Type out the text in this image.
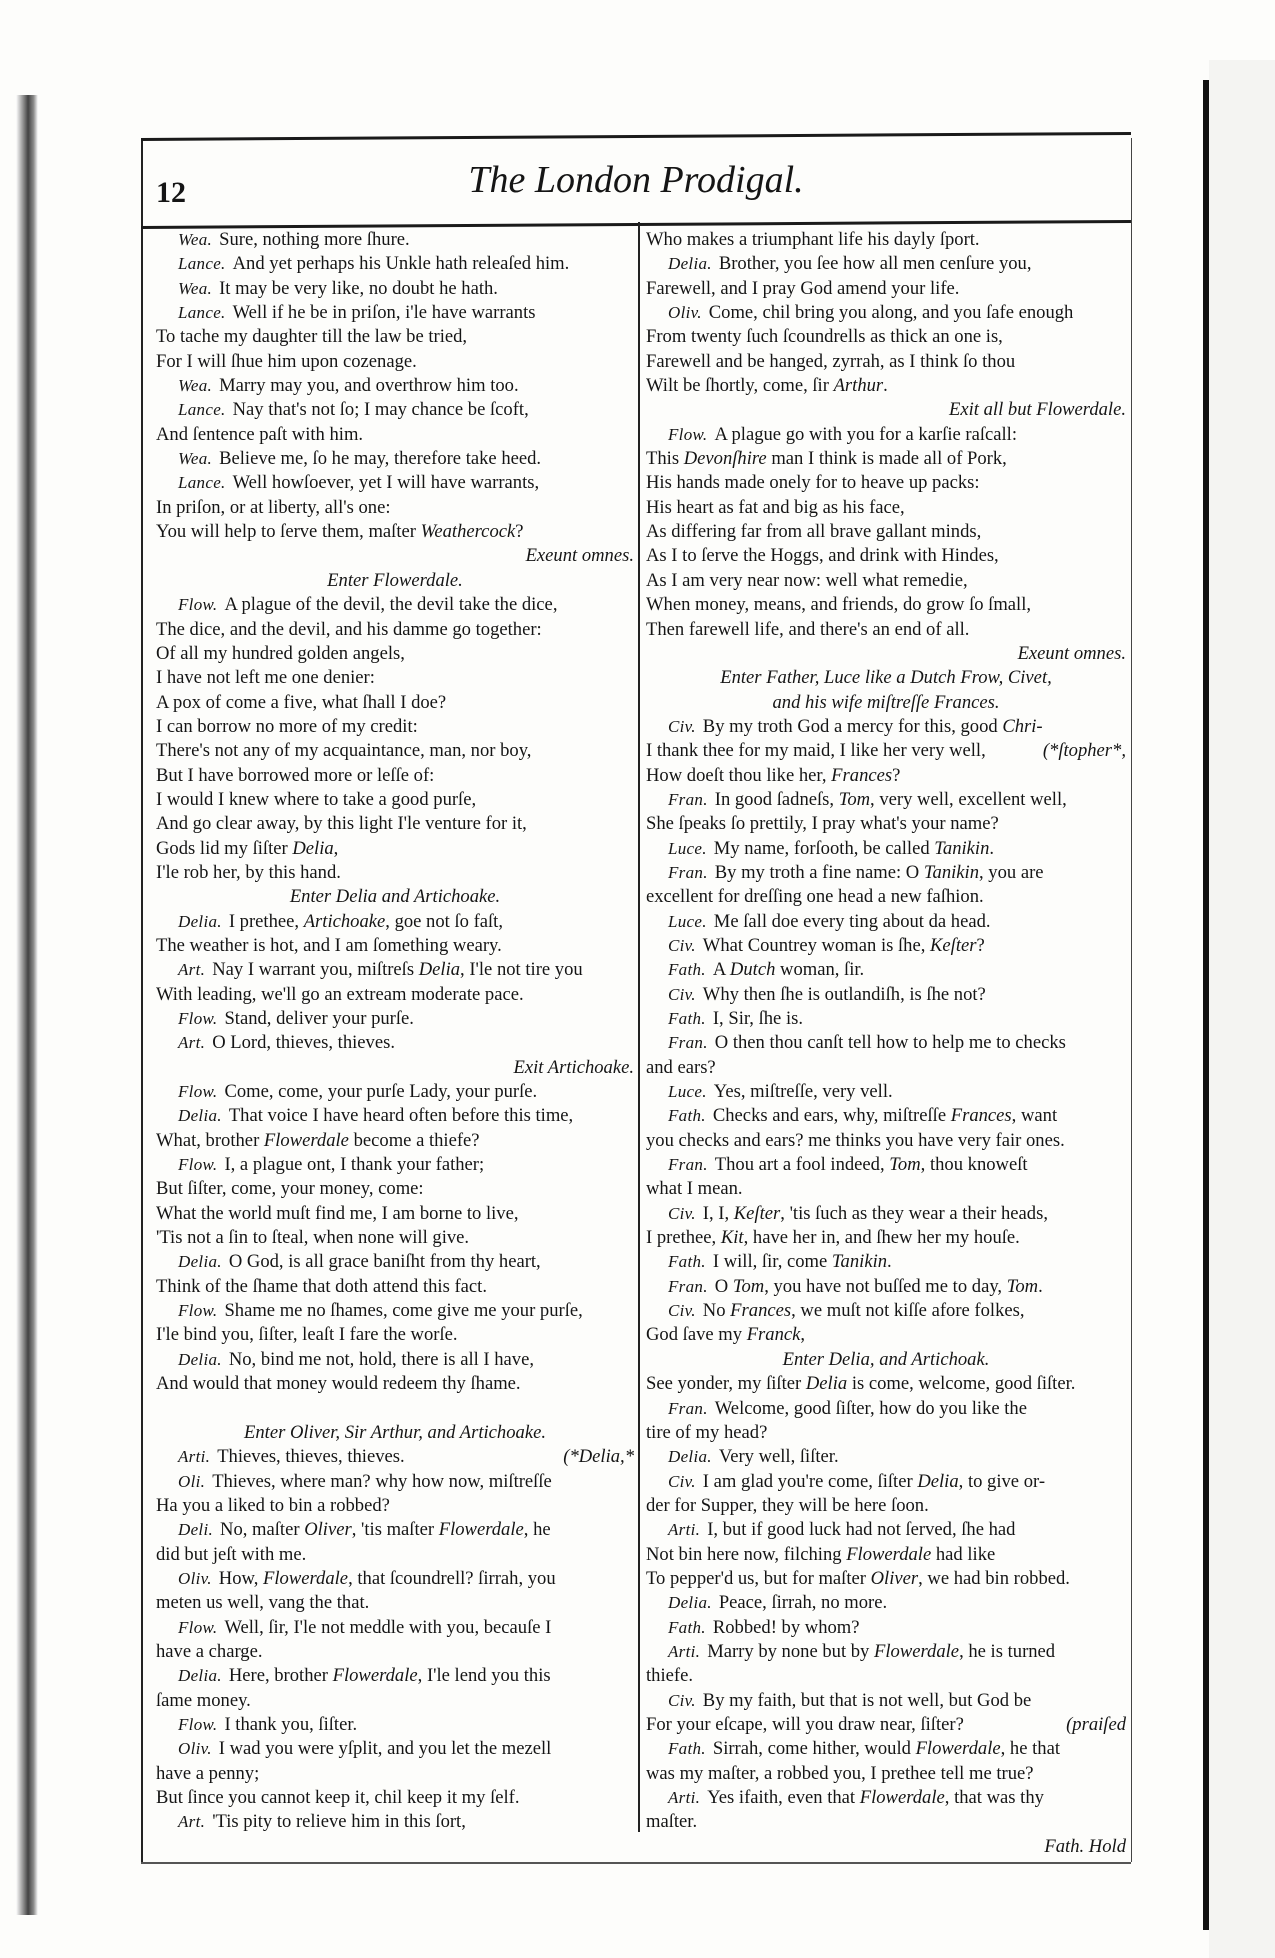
12	The London Prodigal.
Wea. Sure, nothing more ſhure.
Lance. And yet perhaps his Unkle hath releaſed him.
Wea. It may be very like, no doubt he hath.
Lance. Well if he be in priſon, i'le have warrants
To tache my daughter till the law be tried,
For I will ſhue him upon cozenage.
Wea. Marry may you, and overthrow him too.
Lance. Nay that's not ſo; I may chance be ſcoft,
And ſentence paſt with him.
Wea. Believe me, ſo he may, therefore take heed.
Lance. Well howſoever, yet I will have warrants,
In priſon, or at liberty, all's one:
You will help to ſerve them, maſter Weathercock?
Exeunt omnes.
Enter Flowerdale.
Flow. A plague of the devil, the devil take the dice,
The dice, and the devil, and his damme go together:
Of all my hundred golden angels,
I have not left me one denier:
A pox of come a five, what ſhall I doe?
I can borrow no more of my credit:
There's not any of my acquaintance, man, nor boy,
But I have borrowed more or leſſe of:
I would I knew where to take a good purſe,
And go clear away, by this light I'le venture for it,
Gods lid my ſiſter Delia,
I'le rob her, by this hand.
Enter Delia and Artichoake.
Delia. I prethee, Artichoake, goe not ſo faſt,
The weather is hot, and I am ſomething weary.
Art. Nay I warrant you, miſtreſs Delia, I'le not tire you
With leading, we'll go an extream moderate pace.
Flow. Stand, deliver your purſe.
Art. O Lord, thieves, thieves.
Exit Artichoake.
Flow. Come, come, your purſe Lady, your purſe.
Delia. That voice I have heard often before this time,
What, brother Flowerdale become a thiefe?
Flow. I, a plague ont, I thank your father;
But ſiſter, come, your money, come:
What the world muſt find me, I am borne to live,
'Tis not a ſin to ſteal, when none will give.
Delia. O God, is all grace baniſht from thy heart,
Think of the ſhame that doth attend this fact.
Flow. Shame me no ſhames, come give me your purſe,
I'le bind you, ſiſter, leaſt I fare the worſe.
Delia. No, bind me not, hold, there is all I have,
And would that money would redeem thy ſhame.
Enter Oliver, Sir Arthur, and Artichoake.
Arti. Thieves, thieves, thieves.	(*Delia,*
Oli. Thieves, where man? why how now, miſtreſſe
Ha you a liked to bin a robbed?
Deli. No, maſter Oliver, 'tis maſter Flowerdale, he
did but jeſt with me.
Oliv. How, Flowerdale, that ſcoundrell? ſirrah, you
meten us well, vang the that.
Flow. Well, ſir, I'le not meddle with you, becauſe I
have a charge.
Delia. Here, brother Flowerdale, I'le lend you this
ſame money.
Flow. I thank you, ſiſter.
Oliv. I wad you were yſplit, and you let the mezell
have a penny;
But ſince you cannot keep it, chil keep it my ſelf.
Art. 'Tis pity to relieve him in this ſort,
Who makes a triumphant life his dayly ſport.
Delia. Brother, you ſee how all men cenſure you,
Farewell, and I pray God amend your life.
Oliv. Come, chil bring you along, and you ſafe enough
From twenty ſuch ſcoundrells as thick an one is,
Farewell and be hanged, zyrrah, as I think ſo thou
Wilt be ſhortly, come, ſir Arthur.
Exit all but Flowerdale.
Flow. A plague go with you for a karſie raſcall:
This Devonſhire man I think is made all of Pork,
His hands made onely for to heave up packs:
His heart as fat and big as his face,
As differing far from all brave gallant minds,
As I to ſerve the Hoggs, and drink with Hindes,
As I am very near now: well what remedie,
When money, means, and friends, do grow ſo ſmall,
Then farewell life, and there's an end of all.
Exeunt omnes.
Enter Father, Luce like a Dutch Frow, Civet,
and his wife miſtreſſe Frances.
Civ. By my troth God a mercy for this, good Chri-
I thank thee for my maid, I like her very well,	(*ſtopher*,
How doeſt thou like her, Frances?
Fran. In good ſadneſs, Tom, very well, excellent well,
She ſpeaks ſo prettily, I pray what's your name?
Luce. My name, forſooth, be called Tanikin.
Fran. By my troth a fine name: O Tanikin, you are
excellent for dreſſing one head a new faſhion.
Luce. Me ſall doe every ting about da head.
Civ. What Countrey woman is ſhe, Keſter?
Fath. A Dutch woman, ſir.
Civ. Why then ſhe is outlandiſh, is ſhe not?
Fath. I, Sir, ſhe is.
Fran. O then thou canſt tell how to help me to checks
and ears?
Luce. Yes, miſtreſſe, very vell.
Fath. Checks and ears, why, miſtreſſe Frances, want
you checks and ears? me thinks you have very fair ones.
Fran. Thou art a fool indeed, Tom, thou knoweſt
what I mean.
Civ. I, I, Keſter, 'tis ſuch as they wear a their heads,
I prethee, Kit, have her in, and ſhew her my houſe.
Fath. I will, ſir, come Tanikin.
Fran. O Tom, you have not buſſed me to day, Tom.
Civ. No Frances, we muſt not kiſſe afore folkes,
God ſave my Franck,
Enter Delia, and Artichoak.
See yonder, my ſiſter Delia is come, welcome, good ſiſter.
Fran. Welcome, good ſiſter, how do you like the
tire of my head?
Delia. Very well, ſiſter.
Civ. I am glad you're come, ſiſter Delia, to give or-
der for Supper, they will be here ſoon.
Arti. I, but if good luck had not ſerved, ſhe had
Not bin here now, filching Flowerdale had like
To pepper'd us, but for maſter Oliver, we had bin robbed.
Delia. Peace, ſirrah, no more.
Fath. Robbed! by whom?
Arti. Marry by none but by Flowerdale, he is turned
thiefe.
Civ. By my faith, but that is not well, but God be
For your eſcape, will you draw near, ſiſter?	(praiſed
Fath. Sirrah, come hither, would Flowerdale, he that
was my maſter, a robbed you, I prethee tell me true?
Arti. Yes ifaith, even that Flowerdale, that was thy
maſter.
Fath. Hold
